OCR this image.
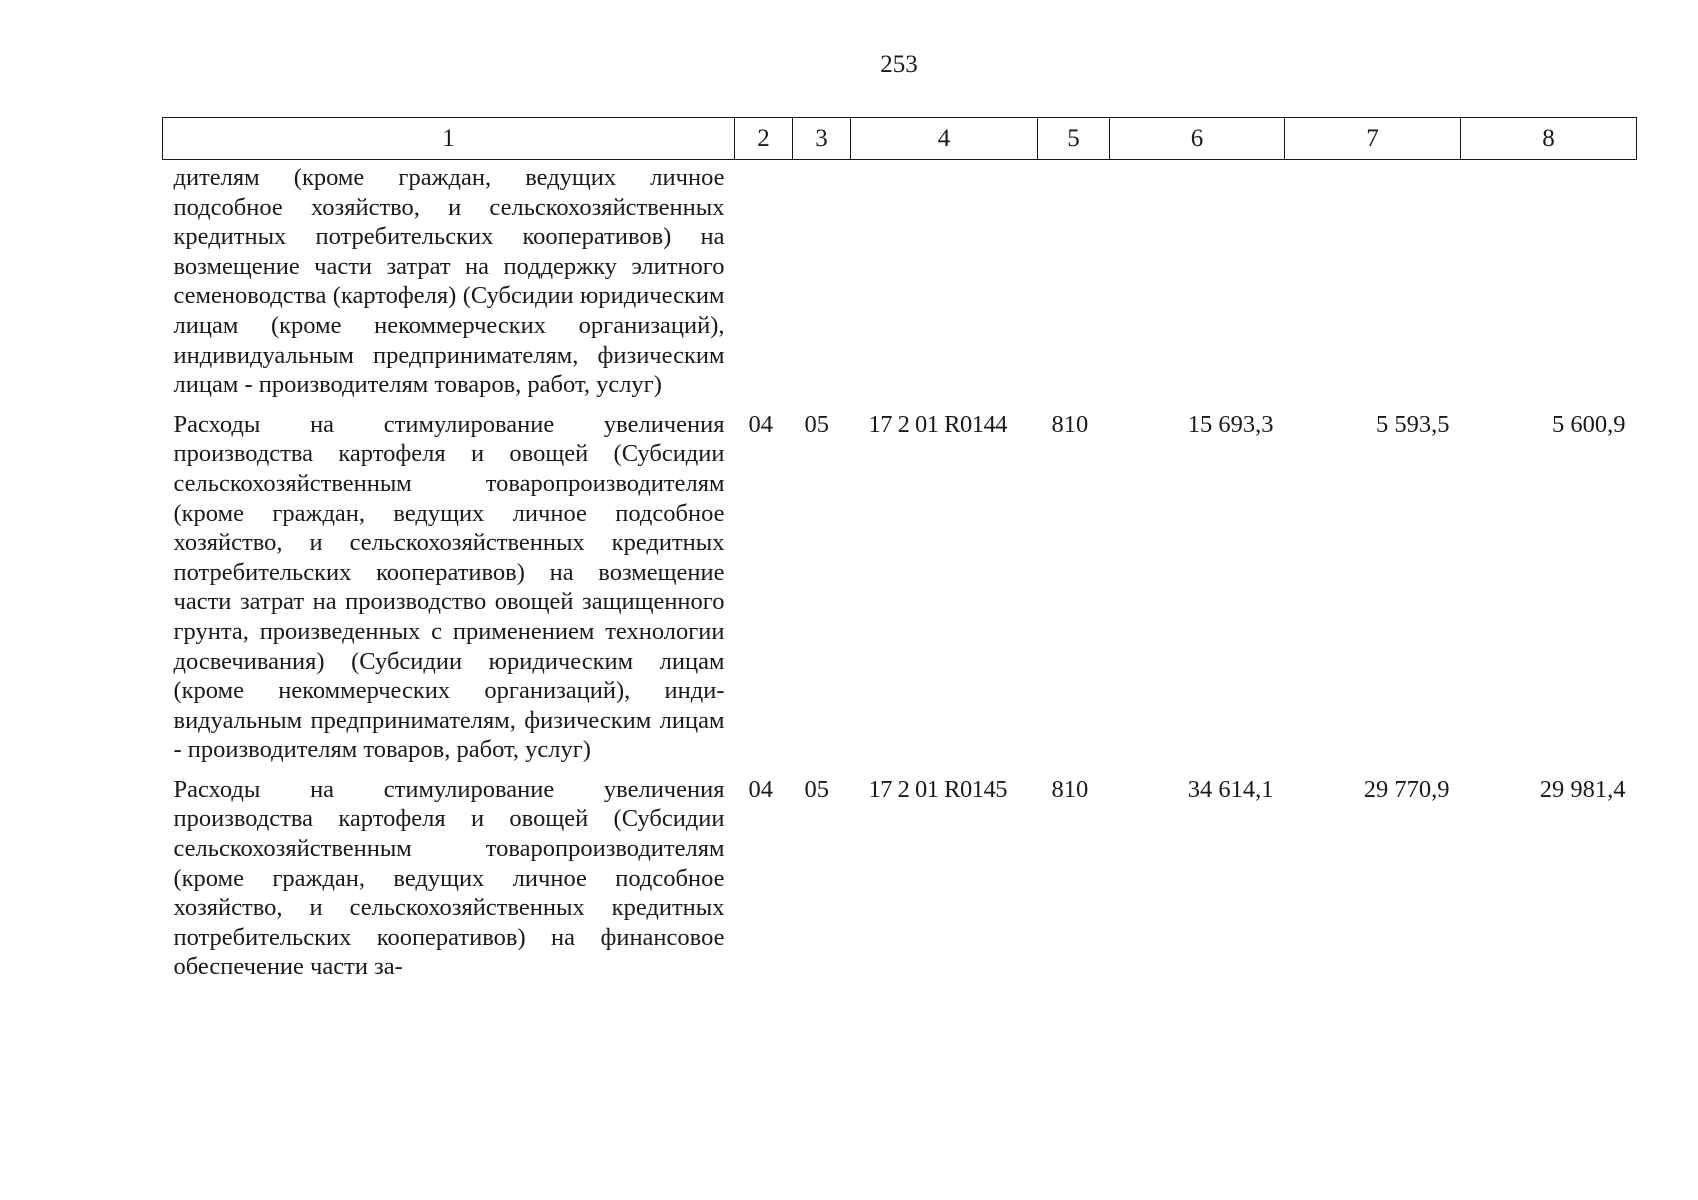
253
1	2	3	4	5	6	7	8
дителям (кроме граждан, ведущих личное подсобное хозяйство, и сельскохозяйственных кредитных потребительских кооперативов) на возмещение части затрат на поддержку элитного семеноводства (картофеля) (Субсидии юридическим лицам (кроме некоммерческих организаций), индивидуальным предпринимателям, физическим лицам - производителям товаров, работ, услуг)							
Расходы на стимулирование увеличения производства картофеля и овощей (Субсидии сельскохозяйственным товаропроизводителям (кроме граждан, ведущих личное подсобное хозяйство, и сельскохозяйственных кредитных потребительских кооперативов) на возмещение части затрат на производство овощей защищенного грунта, произведенных с применением технологии досвечивания) (Субсидии юридическим лицам (кроме некоммерческих организаций), индивидуальным предпринимателям, физическим лицам - производителям товаров, работ, услуг)	04	05	17 2 01 R0144	810	15 693,3	5 593,5	5 600,9
Расходы на стимулирование увеличения производства картофеля и овощей (Субсидии сельскохозяйственным товаропроизводителям (кроме граждан, ведущих личное подсобное хозяйство, и сельскохозяйственных кредитных потребительских кооперативов) на финансовое обеспечение части за-	04	05	17 2 01 R0145	810	34 614,1	29 770,9	29 981,4
